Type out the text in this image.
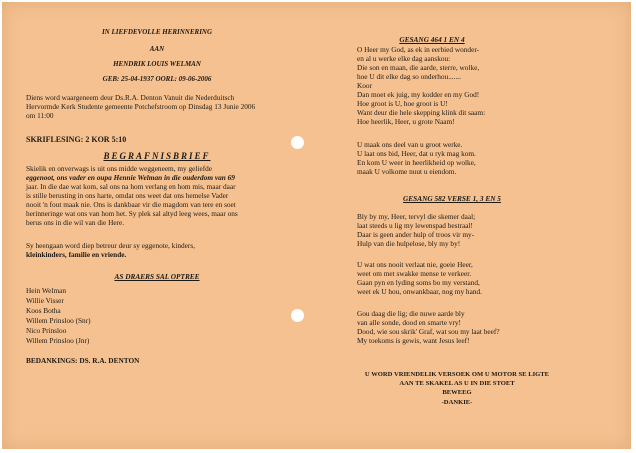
IN LIEFDEVOLLE HERINNERING
AAN
HENDRIK LOUIS WELMAN
GEB: 25-04-1937 OORL: 09-06-2006
Diens word waargeneem deur Ds.R.A. Denton Vanuit die Nederduitsch
Hervormde Kerk Studente gemeente Potchefstroom op Dinsdag 13 Junie 2006
om 11:00
SKRIFLESING: 2 KOR 5:10
BEGRAFNISBRIEF
Skielik en onverwags is uit ons midde weggeneem, my geliefde
eggenoot, ons vader en oupa Hennie Welman in die ouderdom van 69
jaar. In die dae wat kom, sal ons na hom verlang en hom mis, maar daar
is stille berusting in ons harte, omdat ons weet dat ons hemelse Vader
nooit 'n fout maak nie. Ons is dankbaar vir die magdom van tere en soet
herinneringe wat ons van hom het. Sy plek sal altyd leeg wees, maar ons
berus ons in die wil van die Here.
Sy heengaan word diep betreur deur sy eggenote, kinders,
kleinkinders, familie en vriende.
AS DRAERS SAL OPTREE
Hein Welman
Willie Visser
Koos Botha
Willem Prinsloo (Snr)
Nico Prinsloo
Willem Prinsloo (Jnr)
BEDANKINGS: DS. R.A. DENTON
GESANG 464 1 EN 4
O Heer my God, as ek in eerbied wonder-
en al u werke elke dag aanskou:
Die son en maan, die aarde, sterre, wolke,
hoe U dit elke dag so onderhou.......
Koor
Dan moet ek juig, my kodder en my God!
Hoe groot is U, hoe groot is U!
Want deur die hele skepping klink dit saam:
Hoe heerlik, Heer, u grote Naam!
U maak ons deel van u groot werke.
U laat ons bid, Heer, dat u ryk mag kom.
En kom U weer in heerlikheid op wolke,
maak U volkome nuut u eiendom.
GESANG 582 VERSE 1, 3 EN 5
Bly by my, Heer, tervyl die skemer daal;
laat steeds u lig my lewenspad bestraal!
Daar is geen ander hulp of troos vir my-
Hulp van die hulpelose, bly my by!
U wat ons nooit verlaat nie, goeie Heer,
weet om met swakke mense te verkeer.
Gaan pyn en lyding soms bo my verstand,
weet ek U hou, onwankbaar, nog my hand.
Gou daag die lig; die nuwe aarde bly
van alle sonde, dood en smarte vry!
Dood, wie sou skrik' Graf, wat sou my laat beef?
My toekoms is gewis, want Jesus leef!
U WORD VRIENDELIK VERSOEK OM U MOTOR SE LIGTE
AAN TE SKAKEL AS U IN DIE STOET
BEWEEG
-DANKIE-
